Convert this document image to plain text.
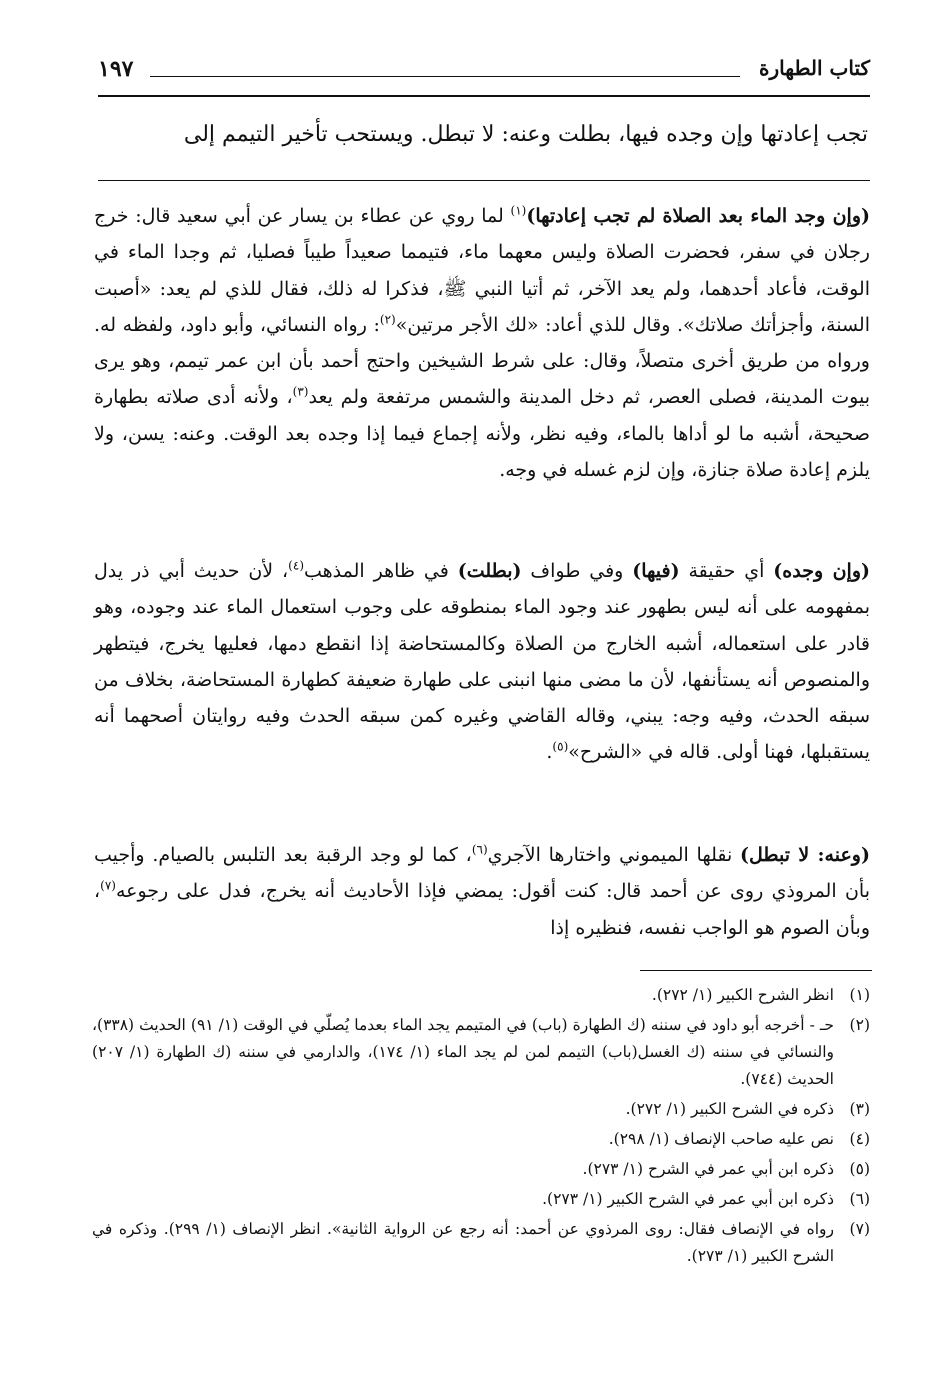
كتاب الطهارة
١٩٧

تجب إعادتها وإن وجده فيها، بطلت وعنه: لا تبطل. ويستحب تأخير التيمم إلى

(وإن وجد الماء بعد الصلاة لم تجب إعادتها)$^{(١)}$ لما روي عن عطاء بن يسار عن أبي سعيد قال: خرج رجلان في سفر، فحضرت الصلاة وليس معهما ماء، فتيمما صعيداً طيباً فصليا، ثم وجدا الماء في الوقت، فأعاد أحدهما، ولم يعد الآخر، ثم أتيا النبي ﷺ، فذكرا له ذلك، فقال للذي لم يعد: «أصبت السنة، وأجزأتك صلاتك». وقال للذي أعاد: «لك الأجر مرتين»$^{(٢)}$: رواه النسائي، وأبو داود، ولفظه له. ورواه من طريق أخرى متصلاً، وقال: على شرط الشيخين واحتج أحمد بأن ابن عمر تيمم، وهو يرى بيوت المدينة، فصلى العصر، ثم دخل المدينة والشمس مرتفعة ولم يعد$^{(٣)}$، ولأنه أدى صلاته بطهارة صحيحة، أشبه ما لو أداها بالماء، وفيه نظر، ولأنه إجماع فيما إذا وجده بعد الوقت. وعنه: يسن، ولا يلزم إعادة صلاة جنازة، وإن لزم غسله في وجه.

(وإن وجده) أي حقيقة (فيها) وفي طواف (بطلت) في ظاهر المذهب$^{(٤)}$، لأن حديث أبي ذر يدل بمفهومه على أنه ليس بطهور عند وجود الماء بمنطوقه على وجوب استعمال الماء عند وجوده، وهو قادر على استعماله، أشبه الخارج من الصلاة وكالمستحاضة إذا انقطع دمها، فعليها يخرج، فيتطهر والمنصوص أنه يستأنفها، لأن ما مضى منها انبنى على طهارة ضعيفة كطهارة المستحاضة، بخلاف من سبقه الحدث، وفيه وجه: يبني، وقاله القاضي وغيره كمن سبقه الحدث وفيه روايتان أصحهما أنه يستقبلها، فهنا أولى. قاله في «الشرح»$^{(٥)}$.

(وعنه: لا تبطل) نقلها الميموني واختارها الآجري$^{(٦)}$، كما لو وجد الرقبة بعد التلبس بالصيام. وأجيب بأن المروذي روى عن أحمد قال: كنت أقول: يمضي فإذا الأحاديث أنه يخرج، فدل على رجوعه$^{(٧)}$، وبأن الصوم هو الواجب نفسه، فنظيره إذا

(١)
انظر الشرح الكبير (١/ ٢٧٢).
(٢)
حـ - أخرجه أبو داود في سننه (ك الطهارة (باب) في المتيمم يجد الماء بعدما يُصلّي في الوقت (١/ ٩١) الحديث (٣٣٨)، والنسائي في سننه (ك الغسل(باب) التيمم لمن لم يجد الماء (١/ ١٧٤)، والدارمي في سننه (ك الطهارة (١/ ٢٠٧) الحديث (٧٤٤).
(٣)
ذكره في الشرح الكبير (١/ ٢٧٢).
(٤)
نص عليه صاحب الإنصاف (١/ ٢٩٨).
(٥)
ذكره ابن أبي عمر في الشرح (١/ ٢٧٣).
(٦)
ذكره ابن أبي عمر في الشرح الكبير (١/ ٢٧٣).
(٧)
رواه في الإنصاف فقال: روى المرذوي عن أحمد: أنه رجع عن الرواية الثانية». انظر الإنصاف (١/ ٢٩٩). وذكره في الشرح الكبير (١/ ٢٧٣).
